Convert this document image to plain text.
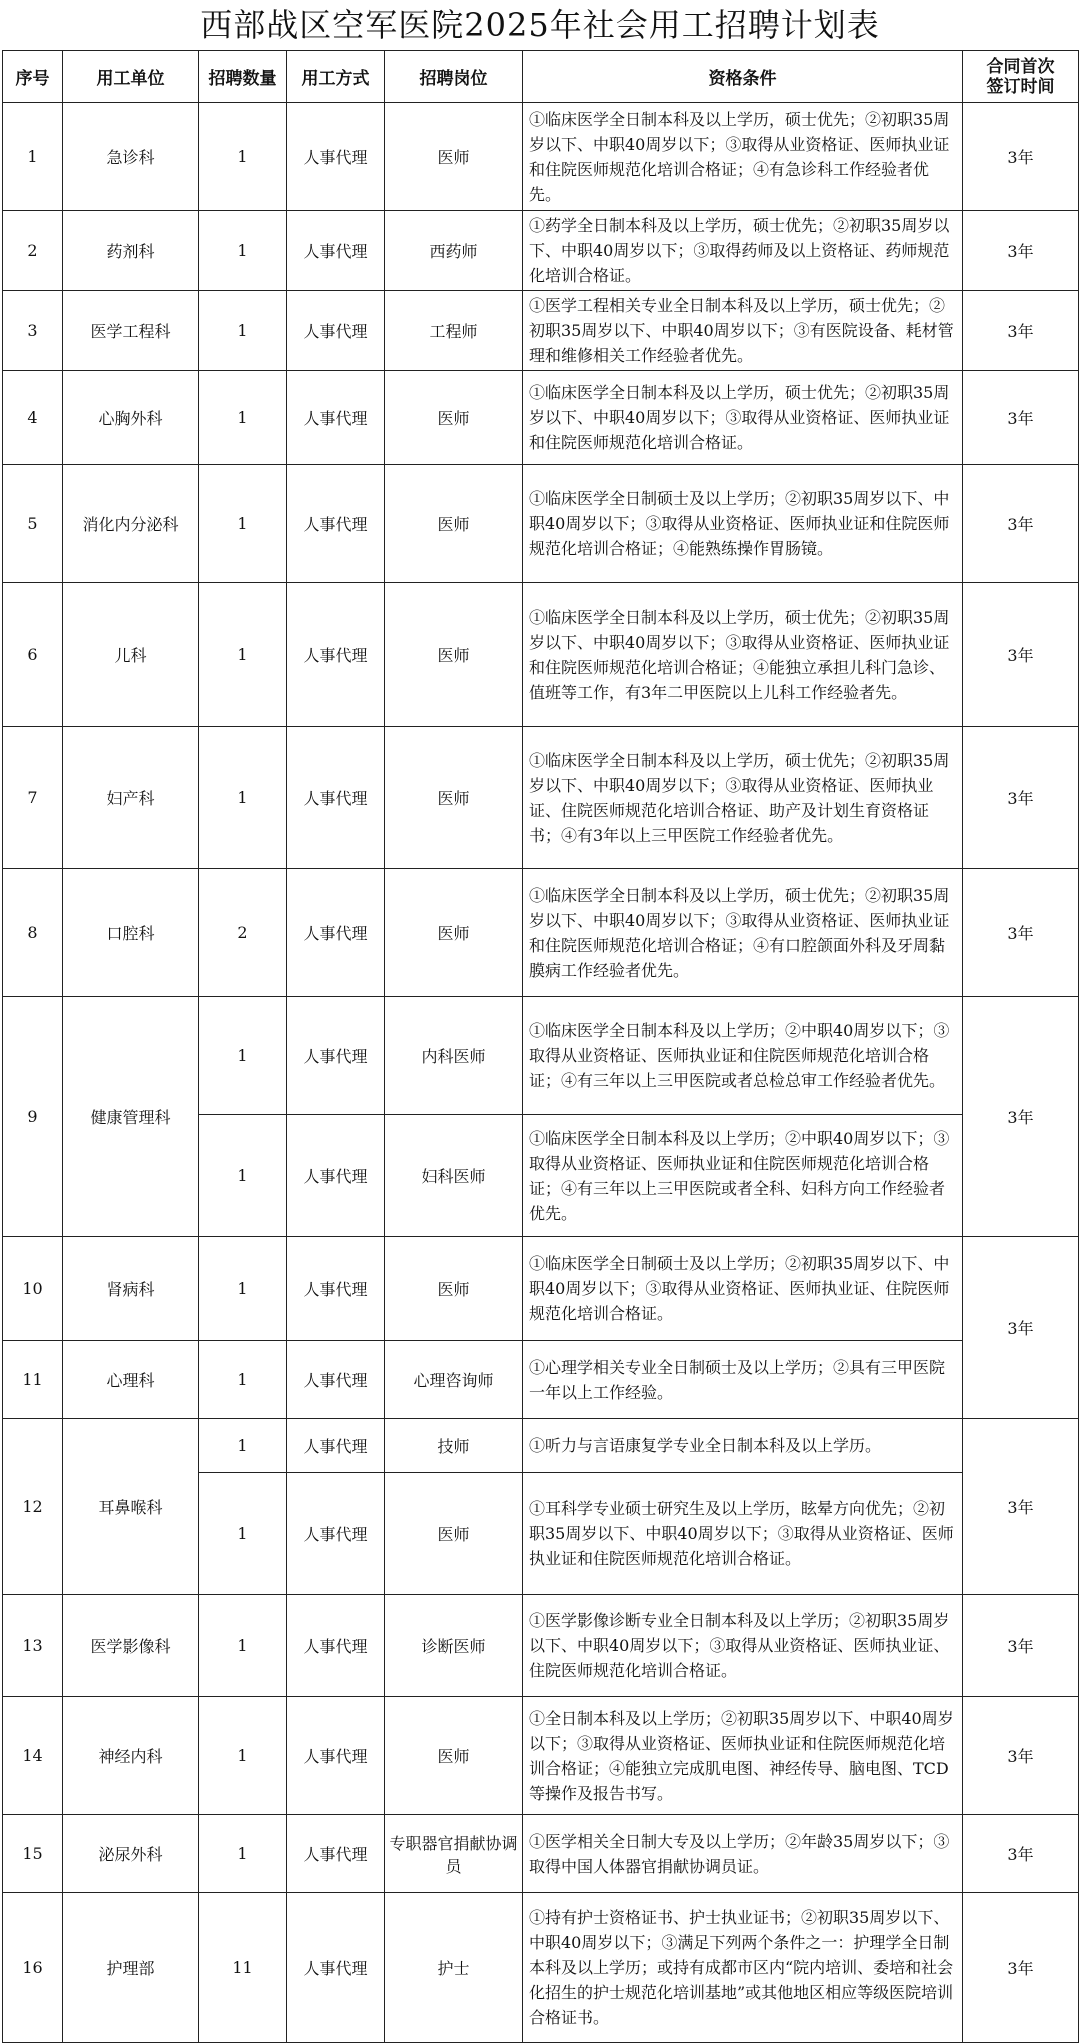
西部战区空军医院2025年社会用工招聘计划表
序号	用工单位	招聘数量	用工方式	招聘岗位	资格条件	合同首次
签订时间

1	急诊科	1	人事代理	医师	①临床医学全日制本科及以上学历，硕士优先；②初职35周岁以下、中职40周岁以下；③取得从业资格证、医师执业证和住院医师规范化培训合格证；④有急诊科工作经验者优先。	3年
2	药剂科	1	人事代理	西药师	①药学全日制本科及以上学历，硕士优先；②初职35周岁以下、中职40周岁以下；③取得药师及以上资格证、药师规范化培训合格证。	3年
3	医学工程科	1	人事代理	工程师	①医学工程相关专业全日制本科及以上学历，硕士优先；②初职35周岁以下、中职40周岁以下；③有医院设备、耗材管理和维修相关工作经验者优先。	3年
4	心胸外科	1	人事代理	医师	①临床医学全日制本科及以上学历，硕士优先；②初职35周岁以下、中职40周岁以下；③取得从业资格证、医师执业证和住院医师规范化培训合格证。	3年
5	消化内分泌科	1	人事代理	医师	①临床医学全日制硕士及以上学历；②初职35周岁以下、中职40周岁以下；③取得从业资格证、医师执业证和住院医师规范化培训合格证；④能熟练操作胃肠镜。	3年
6	儿科	1	人事代理	医师	①临床医学全日制本科及以上学历，硕士优先；②初职35周岁以下、中职40周岁以下；③取得从业资格证、医师执业证和住院医师规范化培训合格证；④能独立承担儿科门急诊、值班等工作，有3年二甲医院以上儿科工作经验者先。	3年
7	妇产科	1	人事代理	医师	①临床医学全日制本科及以上学历，硕士优先；②初职35周岁以下、中职40周岁以下；③取得从业资格证、医师执业证、住院医师规范化培训合格证、助产及计划生育资格证书；④有3年以上三甲医院工作经验者优先。	3年
8	口腔科	2	人事代理	医师	①临床医学全日制本科及以上学历，硕士优先；②初职35周岁以下、中职40周岁以下；③取得从业资格证、医师执业证和住院医师规范化培训合格证；④有口腔颌面外科及牙周黏膜病工作经验者优先。	3年
9	健康管理科	1	人事代理	内科医师	①临床医学全日制本科及以上学历；②中职40周岁以下；③取得从业资格证、医师执业证和住院医师规范化培训合格证；④有三年以上三甲医院或者总检总审工作经验者优先。	3年
		1	人事代理	妇科医师	①临床医学全日制本科及以上学历；②中职40周岁以下；③取得从业资格证、医师执业证和住院医师规范化培训合格证；④有三年以上三甲医院或者全科、妇科方向工作经验者优先。	
10	肾病科	1	人事代理	医师	①临床医学全日制硕士及以上学历；②初职35周岁以下、中职40周岁以下；③取得从业资格证、医师执业证、住院医师规范化培训合格证。	3年
11	心理科	1	人事代理	心理咨询师	①心理学相关专业全日制硕士及以上学历；②具有三甲医院一年以上工作经验。	
12	耳鼻喉科	1	人事代理	技师	①听力与言语康复学专业全日制本科及以上学历。	3年
		1	人事代理	医师	①耳科学专业硕士研究生及以上学历，眩晕方向优先；②初职35周岁以下、中职40周岁以下；③取得从业资格证、医师执业证和住院医师规范化培训合格证。	
13	医学影像科	1	人事代理	诊断医师	①医学影像诊断专业全日制本科及以上学历；②初职35周岁以下、中职40周岁以下；③取得从业资格证、医师执业证、住院医师规范化培训合格证。	3年
14	神经内科	1	人事代理	医师	①全日制本科及以上学历；②初职35周岁以下、中职40周岁以下；③取得从业资格证、医师执业证和住院医师规范化培训合格证；④能独立完成肌电图、神经传导、脑电图、TCD等操作及报告书写。	3年
15	泌尿外科	1	人事代理	专职器官捐献协调员	①医学相关全日制大专及以上学历；②年龄35周岁以下；③取得中国人体器官捐献协调员证。	3年
16	护理部	11	人事代理	护士	①持有护士资格证书、护士执业证书；②初职35周岁以下、中职40周岁以下；③满足下列两个条件之一：护理学全日制本科及以上学历；或持有成都市区内“院内培训、委培和社会化招生的护士规范化培训基地”或其他地区相应等级医院培训合格证书。	3年
